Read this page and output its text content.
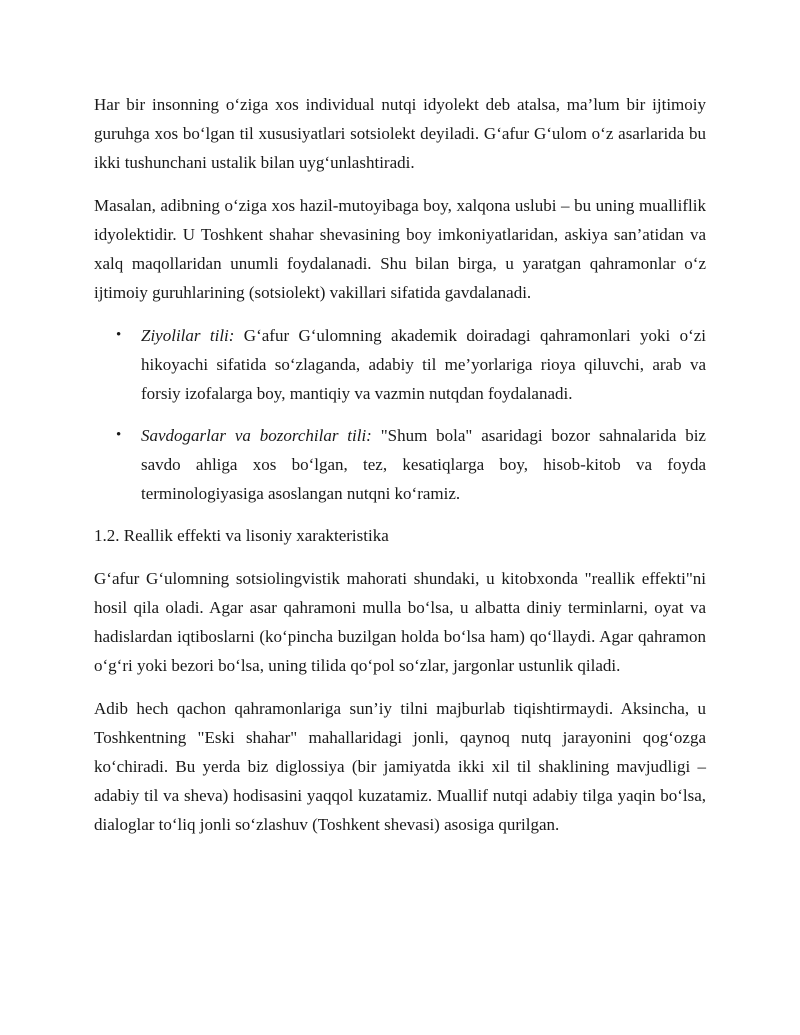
Har bir insonning o‘ziga xos individual nutqi idyolekt deb atalsa, ma’lum bir ijtimoiy guruhga xos bo‘lgan til xususiyatlari sotsiolekt deyiladi. G‘afur G‘ulom o‘z asarlarida bu ikki tushunchani ustalik bilan uyg‘unlashtiradi.

Masalan, adibning o‘ziga xos hazil-mutoyibaga boy, xalqona uslubi – bu uning mualliflik idyolektidir. U Toshkent shahar shevasining boy imkoniyatlaridan, askiya san’atidan va xalq maqollaridan unumli foydalanadi. Shu bilan birga, u yaratgan qahramonlar o‘z ijtimoiy guruhlarining (sotsiolekt) vakillari sifatida gavdalanadi.

• Ziyolilar tili: G‘afur G‘ulomning akademik doiradagi qahramonlari yoki o‘zi hikoyachi sifatida so‘zlaganda, adabiy til me’yorlariga rioya qiluvchi, arab va forsiy izofalarga boy, mantiqiy va vazmin nutqdan foydalanadi.
• Savdogarlar va bozorchilar tili: "Shum bola" asaridagi bozor sahnalarida biz savdo ahliga xos bo‘lgan, tez, kesatiqlarga boy, hisob-kitob va foyda terminologiyasiga asoslangan nutqni ko‘ramiz.
1.2. Reallik effekti va lisoniy xarakteristika

G‘afur G‘ulomning sotsiolingvistik mahorati shundaki, u kitobxonda "reallik effekti"ni hosil qila oladi. Agar asar qahramoni mulla bo‘lsa, u albatta diniy terminlarni, oyat va hadislardan iqtiboslarni (ko‘pincha buzilgan holda bo‘lsa ham) qo‘llaydi. Agar qahramon o‘g‘ri yoki bezori bo‘lsa, uning tilida qo‘pol so‘zlar, jargonlar ustunlik qiladi.

Adib hech qachon qahramonlariga sun’iy tilni majburlab tiqishtirmaydi. Aksincha, u Toshkentning "Eski shahar" mahallaridagi jonli, qaynoq nutq jarayonini qog‘ozga ko‘chiradi. Bu yerda biz diglossiya (bir jamiyatda ikki xil til shaklining mavjudligi – adabiy til va sheva) hodisasini yaqqol kuzatamiz. Muallif nutqi adabiy tilga yaqin bo‘lsa, dialoglar to‘liq jonli so‘zlashuv (Toshkent shevasi) asosiga qurilgan.
